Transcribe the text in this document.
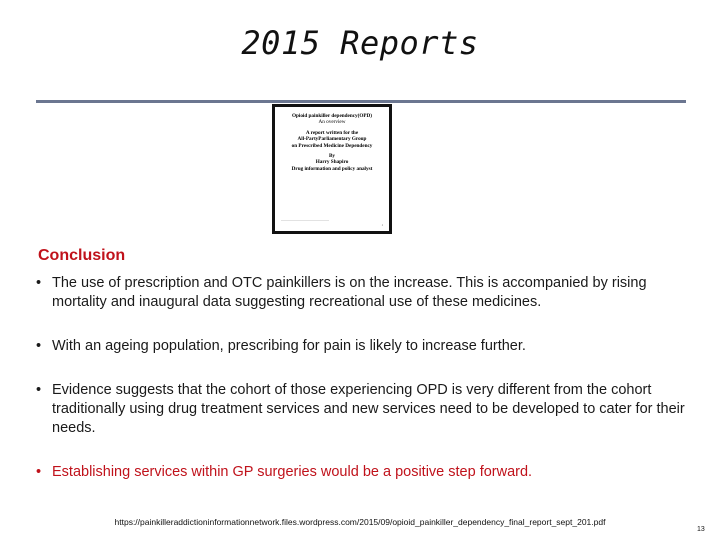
2015 Reports
Opioid painkiller dependency(OPD)
An overview
A report written for the
All-PartyParliamentary Group
on Prescribed Medicine Dependency
By
Harry Shapiro
Drug information and policy analyst
________________________________
1
Conclusion
• The use of prescription and OTC painkillers is on the increase. This is accompanied by rising mortality and inaugural data suggesting recreational use of these medicines.
• With an ageing population, prescribing for pain is likely to increase further.
• Evidence suggests that the cohort of those experiencing OPD is very different from the cohort traditionally using drug treatment services and new services need to be developed to cater for their needs.
• Establishing services within GP surgeries would be a positive step forward.
https://painkilleraddictioninformationnetwork.files.wordpress.com/2015/09/opioid_painkiller_dependency_final_report_sept_201.pdf
13
